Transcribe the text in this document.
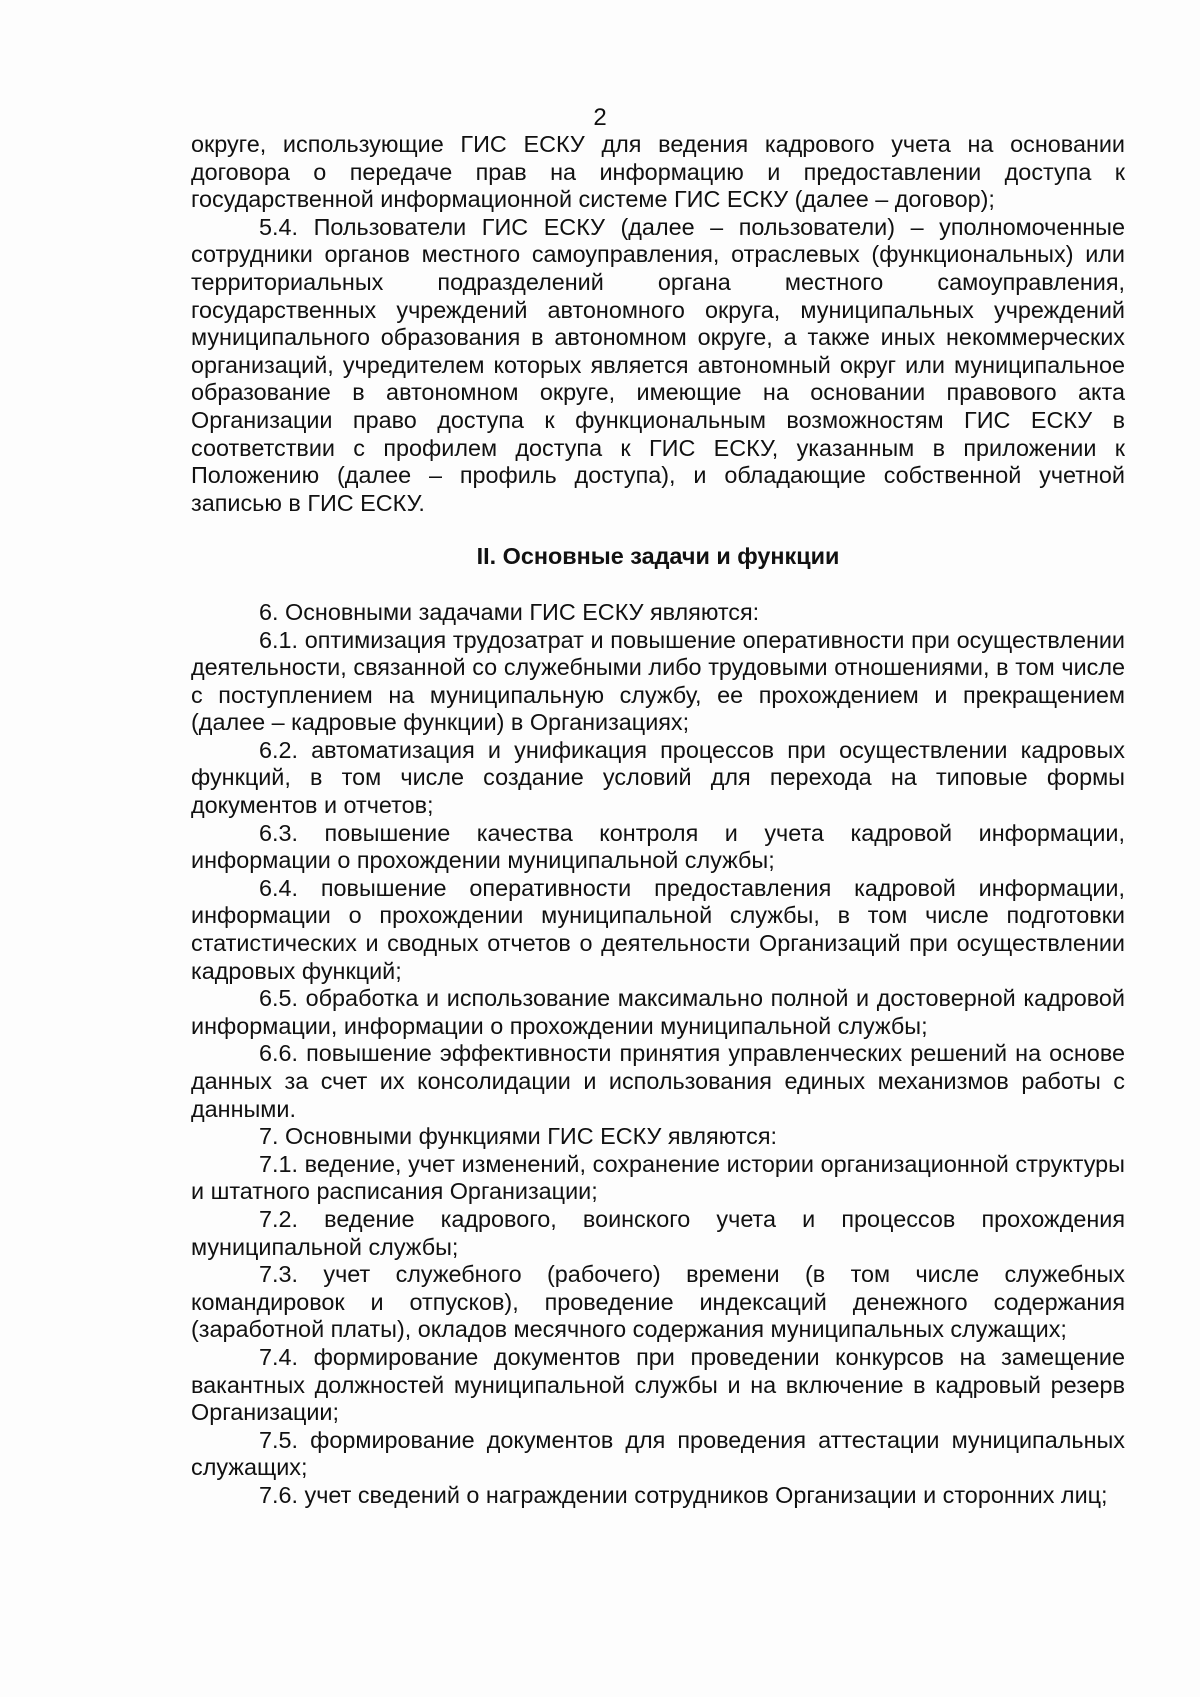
2

округе, использующие ГИС ЕСКУ для ведения кадрового учета на основании договора о передаче прав на информацию и предоставлении доступа к государственной информационной системе ГИС ЕСКУ (далее – договор);

5.4. Пользователи ГИС ЕСКУ (далее – пользователи) – уполномоченные сотрудники органов местного самоуправления, отраслевых (функциональных) или территориальных подразделений органа местного самоуправления, государственных учреждений автономного округа, муниципальных учреждений муниципального образования в автономном округе, а также иных некоммерческих организаций, учредителем которых является автономный округ или муниципальное образование в автономном округе, имеющие на основании правового акта Организации право доступа к функциональным возможностям ГИС ЕСКУ в соответствии с профилем доступа к ГИС ЕСКУ, указанным в приложении к Положению (далее – профиль доступа), и обладающие собственной учетной записью в ГИС ЕСКУ.

II. Основные задачи и функции

6. Основными задачами ГИС ЕСКУ являются:

6.1. оптимизация трудозатрат и повышение оперативности при осуществлении деятельности, связанной со служебными либо трудовыми отношениями, в том числе с поступлением на муниципальную службу, ее прохождением и прекращением (далее – кадровые функции) в Организациях;

6.2. автоматизация и унификация процессов при осуществлении кадровых функций, в том числе создание условий для перехода на типовые формы документов и отчетов;

6.3. повышение качества контроля и учета кадровой информации, информации о прохождении муниципальной службы;

6.4. повышение оперативности предоставления кадровой информации, информации о прохождении муниципальной службы, в том числе подготовки статистических и сводных отчетов о деятельности Организаций при осуществлении кадровых функций;

6.5. обработка и использование максимально полной и достоверной кадровой информации, информации о прохождении муниципальной службы;

6.6. повышение эффективности принятия управленческих решений на основе данных за счет их консолидации и использования единых механизмов работы с данными.

7. Основными функциями ГИС ЕСКУ являются:

7.1. ведение, учет изменений, сохранение истории организационной структуры и штатного расписания Организации;

7.2. ведение кадрового, воинского учета и процессов прохождения муниципальной службы;

7.3. учет служебного (рабочего) времени (в том числе служебных командировок и отпусков), проведение индексаций денежного содержания (заработной платы), окладов месячного содержания муниципальных служащих;

7.4. формирование документов при проведении конкурсов на замещение вакантных должностей муниципальной службы и на включение в кадровый резерв Организации;

7.5. формирование документов для проведения аттестации муниципальных служащих;

7.6. учет сведений о награждении сотрудников Организации и сторонних лиц;
